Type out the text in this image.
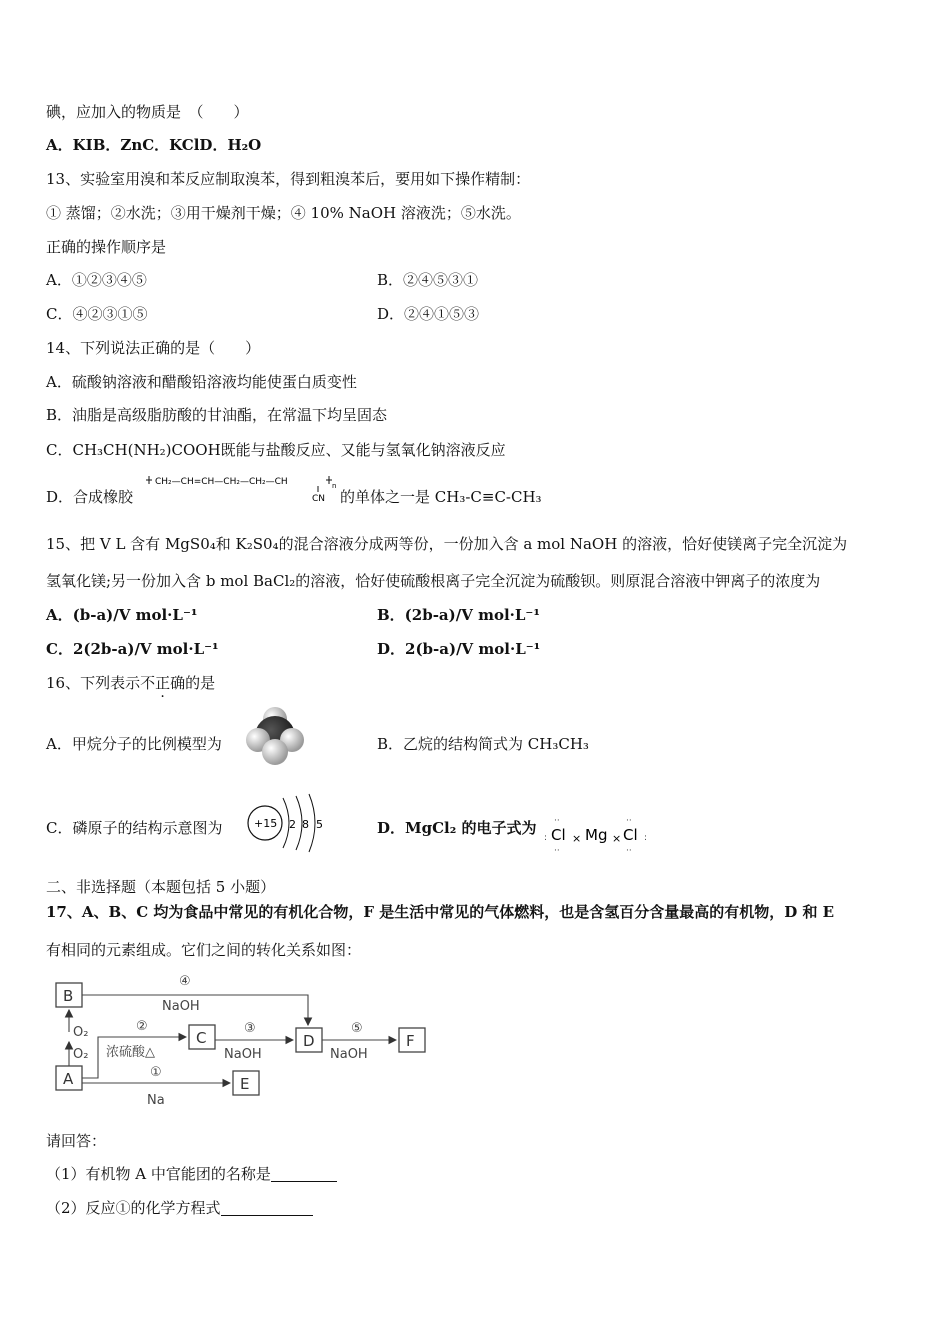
碘，应加入的物质是　（　　）
A．KIB．ZnC．KClD．H₂O
13、实验室用溴和苯反应制取溴苯，得到粗溴苯后，要用如下操作精制：
① 蒸馏；②水洗；③用干燥剂干燥；④ 10% NaOH 溶液洗；⑤水洗。
正确的操作顺序是
A．①②③④⑤	B．②④⑤③①
C．④②③①⑤	D．②④①⑤③
14、下列说法正确的是（　　）
A．硫酸钠溶液和醋酸铅溶液均能使蛋白质变性
B．油脂是高级脂肪酸的甘油酯，在常温下均呈固态
C．CH₃CH(NH₂)COOH既能与盐酸反应、又能与氢氧化钠溶液反应
D．合成橡胶
CH₂—CH=CH—CH₂—CH₂—CH
CN
n
的单体之一是 CH₃-C≡C-CH₃
15、把 V L 含有 MgS0₄和 K₂S0₄的混合溶液分成两等份，一份加入含 a mol NaOH 的溶液，恰好使镁离子完全沉淀为
氢氧化镁;另一份加入含 b mol BaCl₂的溶液，恰好使硫酸根离子完全沉淀为硫酸钡。则原混合溶液中钾离子的浓度为
A．(b-a)/V mol·L⁻¹	B．(2b-a)/V mol·L⁻¹
C．2(2b-a)/V mol·L⁻¹	D．2(b-a)/V mol·L⁻¹
16、下列表示不正确的是
A．甲烷分子的比例模型为	B．乙烷的结构简式为 CH₃CH₃
C．磷原子的结构示意图为	+15 2 8 5	D．MgCl₂ 的电子式为
: Cl
··
··
× Mg × Cl
··
··
:
二、非选择题（本题包括 5 小题）
17、A、B、C 均为食品中常见的有机化合物，F 是生活中常见的气体燃料，也是含氢百分含量最高的有机物，D 和 E
有相同的元素组成。它们之间的转化关系如图：
B
A
C	D
E
F
O₂
O₂
④
NaOH
②
浓硫酸△
③
NaOH
⑤
NaOH
①
Na
请回答：
（1）有机物 A 中官能团的名称是
（2）反应①的化学方程式
